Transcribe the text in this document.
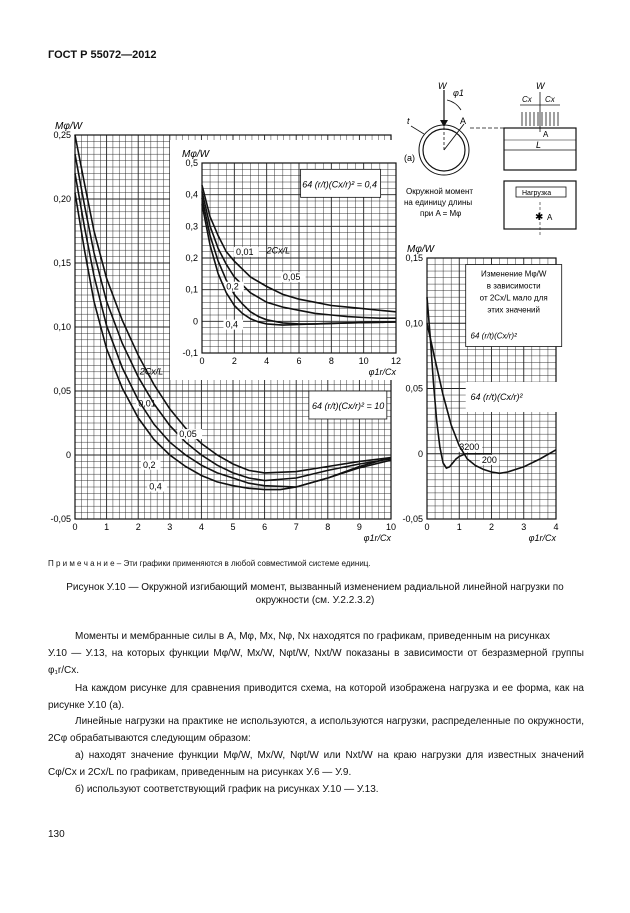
ГОСТ Р 55072—2012
(а)
W
φ1
t	A
W
Cx Cx
A
L
Нагрузка
✱ A
Окружной момент
на единицу длины
при A = Mφ
0	1	2	3	4	5	6	7	8	9	10
-0,05
0
0,05
0,10
0,15
0,20
0,25
Mφ/W
φ1r/Cx
0,01
0,05
0,2
0,4
2Cx/L
64 (r/t)(Cx/r)² = 10
0	2	4	6	8	10 12
-0,1
0
0,1
0,2
0,3
0,4
0,5
Mφ/W
φ1r/Cx
0,01
0,05
0,2
0,4
2Cx/L
64 (r/t)(Cx/r)² = 0,4
0	1	2	3	4
-0,05
0
0,05
0,10
0,15
Mφ/W
φ1r/Cx
3200
200
Изменение Mφ/W
в зависимости
от 2Cx/L мало для
этих значений
64 (r/t)(Cx/r)²
64 (r/t)(Cx/r)²
П р и м е ч а н и е – Эти графики применяются в любой совместимой системе единиц.
Рисунок У.10 — Окружной изгибающий момент, вызванный изменением радиальной линейной нагрузки по окружности (см. У.2.2.3.2)
Моменты и мембранные силы в A, Mφ, Mx, Nφ, Nx находятся по графикам, приведенным на рисунках
У.10 — У.13, на которых функции Mφ/W, Mx/W, Nφt/W, Nxt/W показаны в зависимости от безразмерной группы φ₁r/Cx.
На каждом рисунке для сравнения приводится схема, на которой изображена нагрузка и ее форма, как на рисунке У.10 (а).
Линейные нагрузки на практике не используются, а используются нагрузки, распределенные по окружности, 2Cφ обрабатываются следующим образом:
а) находят значение функции Mφ/W, Mx/W, Nφt/W или Nxt/W на краю нагрузки для известных значений Cφ/Cx и 2Cx/L по графикам, приведенным на рисунках У.6 — У.9.
б) используют соответствующий график на рисунках У.10 — У.13.
130
